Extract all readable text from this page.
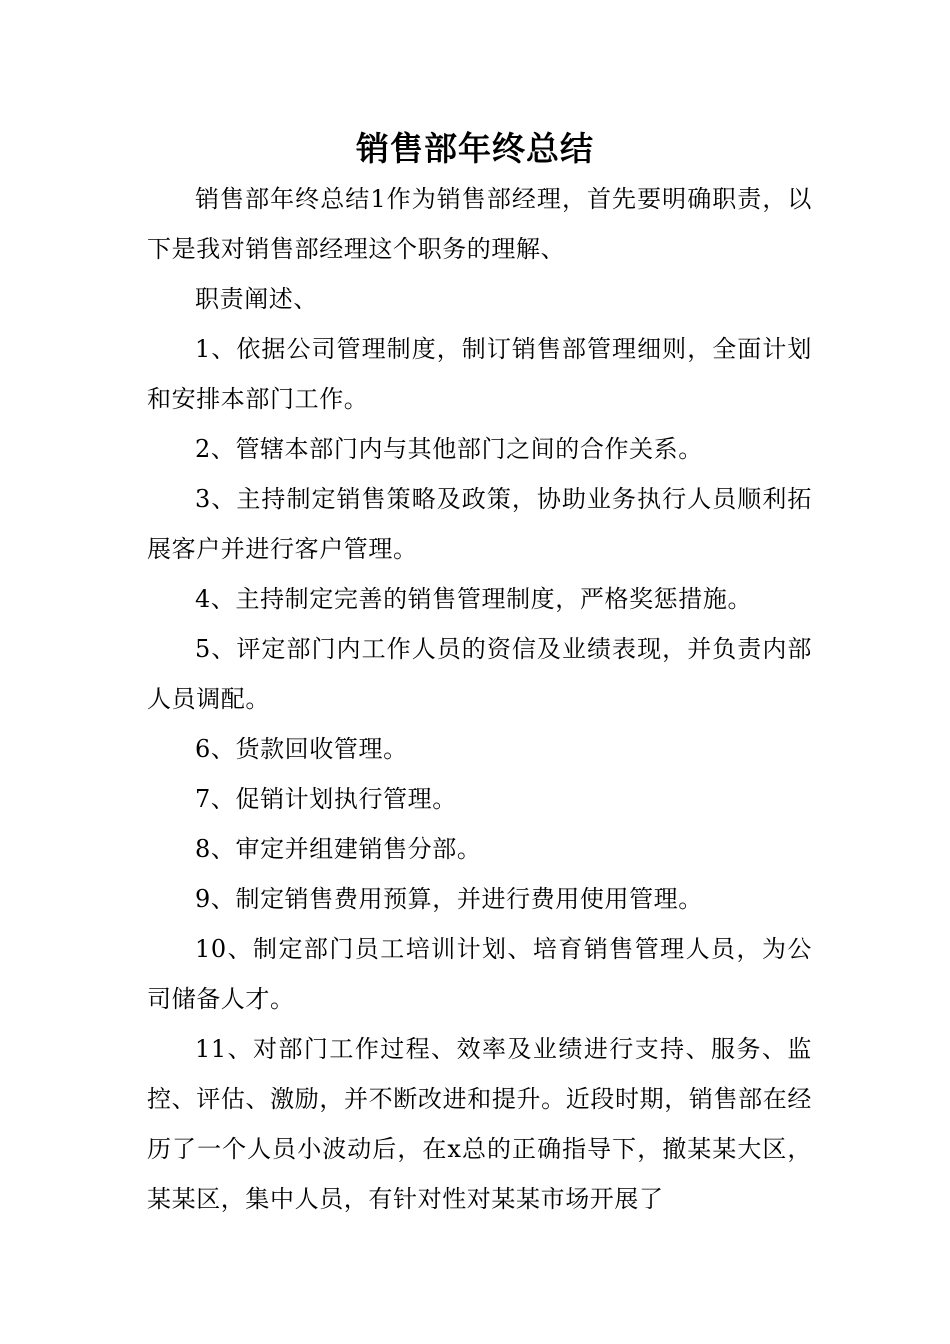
销售部年终总结

销售部年终总结1作为销售部经理，首先要明确职责，以下是我对销售部经理这个职务的理解、

职责阐述、

1、依据公司管理制度，制订销售部管理细则，全面计划和安排本部门工作。

2、管辖本部门内与其他部门之间的合作关系。

3、主持制定销售策略及政策，协助业务执行人员顺利拓展客户并进行客户管理。

4、主持制定完善的销售管理制度，严格奖惩措施。

5、评定部门内工作人员的资信及业绩表现，并负责内部人员调配。

6、货款回收管理。

7、促销计划执行管理。

8、审定并组建销售分部。

9、制定销售费用预算，并进行费用使用管理。

10、制定部门员工培训计划、培育销售管理人员，为公司储备人才。

11、对部门工作过程、效率及业绩进行支持、服务、监控、评估、激励，并不断改进和提升。近段时期，销售部在经历了一个人员小波动后，在x总的正确指导下，撤某某大区，某某区，集中人员，有针对性对某某市场开展了
